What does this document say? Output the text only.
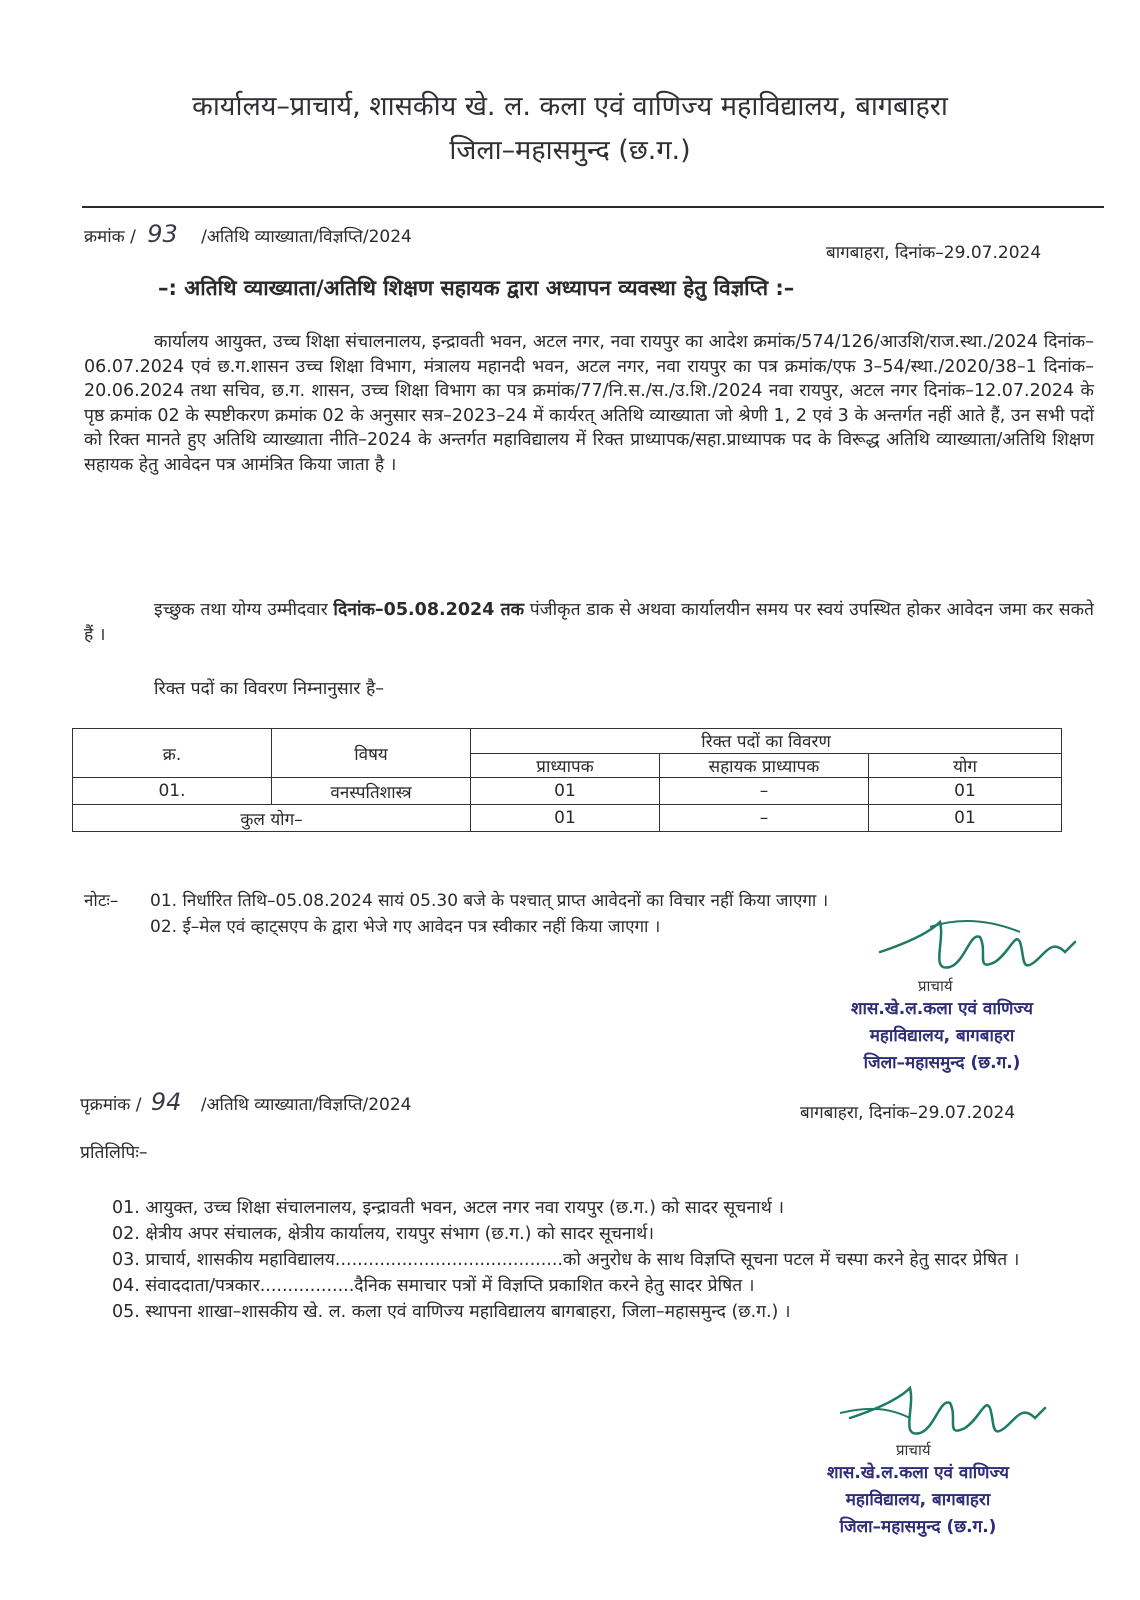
कार्यालय–प्राचार्य, शासकीय खे. ल. कला एवं वाणिज्य महाविद्यालय, बागबाहरा
जिला–महासमुन्द (छ.ग.)
क्रमांक / 93 /अतिथि व्याख्याता/विज्ञप्ति/2024
बागबाहरा, दिनांक–29.07.2024
–: अतिथि व्याख्याता/अतिथि शिक्षण सहायक द्वारा अध्यापन व्यवस्था हेतु विज्ञप्ति :–
कार्यालय आयुक्त, उच्च शिक्षा संचालनालय, इन्द्रावती भवन, अटल नगर, नवा रायपुर का आदेश क्रमांक/574/126/आउशि/राज.स्था./2024 दिनांक–06.07.2024 एवं छ.ग.शासन उच्च शिक्षा विभाग, मंत्रालय महानदी भवन, अटल नगर, नवा रायपुर का पत्र क्रमांक/एफ 3–54/स्था./2020/38–1 दिनांक–20.06.2024 तथा सचिव, छ.ग. शासन, उच्च शिक्षा विभाग का पत्र क्रमांक/77/नि.स./स./उ.शि./2024 नवा रायपुर, अटल नगर दिनांक–12.07.2024 के पृष्ठ क्रमांक 02 के स्पष्टीकरण क्रमांक 02 के अनुसार सत्र–2023–24 में कार्यरत् अतिथि व्याख्याता जो श्रेणी 1, 2 एवं 3 के अन्तर्गत नहीं आते हैं, उन सभी पदों को रिक्त मानते हुए अतिथि व्याख्याता नीति–2024 के अन्तर्गत महाविद्यालय में रिक्त प्राध्यापक/सहा.प्राध्यापक पद के विरूद्ध अतिथि व्याख्याता/अतिथि शिक्षण सहायक हेतु आवेदन पत्र आमंत्रित किया जाता है ।
इच्छुक तथा योग्य उम्मीदवार दिनांक–05.08.2024 तक पंजीकृत डाक से अथवा कार्यालयीन समय पर स्वयं उपस्थित होकर आवेदन जमा कर सकते हैं ।
रिक्त पदों का विवरण निम्नानुसार है–
क्र.	विषय	रिक्त पदों का विवरण		
		प्राध्यापक	सहायक प्राध्यापक	योग
01.	वनस्पतिशास्त्र	01	–	01
कुल योग–		01	–	01
नोटः– 01. निर्धारित तिथि–05.08.2024 सायं 05.30 बजे के पश्चात् प्राप्त आवेदनों का विचार नहीं किया जाएगा ।
02. ई–मेल एवं व्हाट्सएप के द्वारा भेजे गए आवेदन पत्र स्वीकार नहीं किया जाएगा ।
प्राचार्य
शास.खे.ल.कला एवं वाणिज्य
महाविद्यालय, बागबाहरा
जिला–महासमुन्द (छ.ग.)
पृक्रमांक / 94 /अतिथि व्याख्याता/विज्ञप्ति/2024	बागबाहरा, दिनांक–29.07.2024
प्रतिलिपिः–
01. आयुक्त, उच्च शिक्षा संचालनालय, इन्द्रावती भवन, अटल नगर नवा रायपुर (छ.ग.) को सादर सूचनार्थ ।
02. क्षेत्रीय अपर संचालक, क्षेत्रीय कार्यालय, रायपुर संभाग (छ.ग.) को सादर सूचनार्थ।
03. प्राचार्य, शासकीय महाविद्यालय.........................................को अनुरोध के साथ विज्ञप्ति सूचना पटल में चस्पा करने हेतु सादर प्रेषित ।
04. संवाददाता/पत्रकार.................दैनिक समाचार पत्रों में विज्ञप्ति प्रकाशित करने हेतु सादर प्रेषित ।
05. स्थापना शाखा–शासकीय खे. ल. कला एवं वाणिज्य महाविद्यालय बागबाहरा, जिला–महासमुन्द (छ.ग.) ।
प्राचार्य
शास.खे.ल.कला एवं वाणिज्य
महाविद्यालय, बागबाहरा
जिला–महासमुन्द (छ.ग.)
